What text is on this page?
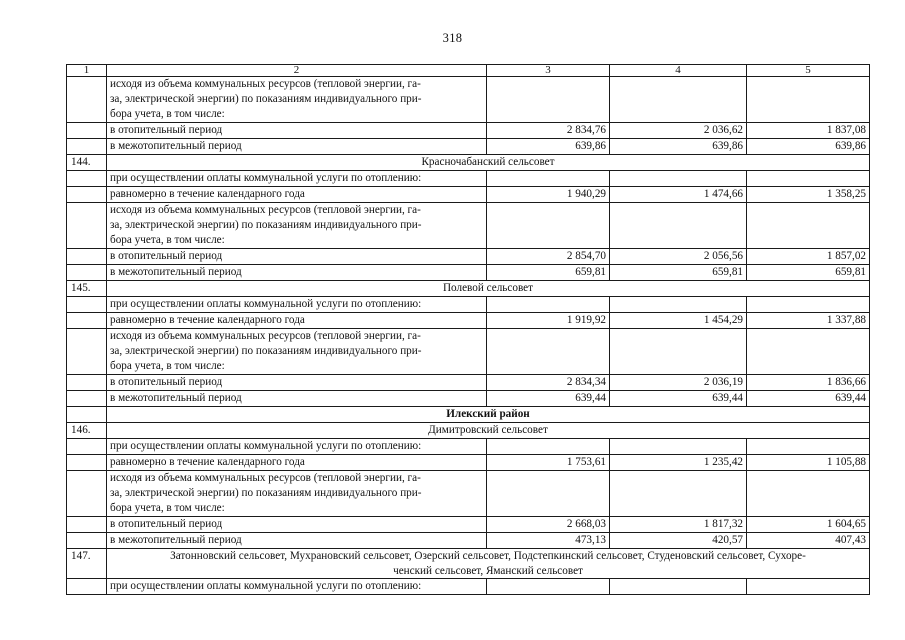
318
1	2	3	4	5

	исходя из объема коммунальных ресурсов (тепловой энергии, га-
за, электрической энергии) по показаниям индивидуального при-
бора учета, в том числе:			

	в отопительный период	2 834,76	2 036,62	1 837,08
	в межотопительный период	639,86	639,86	639,86
144.	Красночабанский сельсовет			
	при осуществлении оплаты коммунальной услуги по отоплению:			
	равномерно в течение календарного года	1 940,29	1 474,66	1 358,25

	исходя из объема коммунальных ресурсов (тепловой энергии, га-
за, электрической энергии) по показаниям индивидуального при-
бора учета, в том числе:			

	в отопительный период	2 854,70	2 056,56	1 857,02
	в межотопительный период	659,81	659,81	659,81
145.	Полевой сельсовет			
	при осуществлении оплаты коммунальной услуги по отоплению:			
	равномерно в течение календарного года	1 919,92	1 454,29	1 337,88

	исходя из объема коммунальных ресурсов (тепловой энергии, га-
за, электрической энергии) по показаниям индивидуального при-
бора учета, в том числе:			

	в отопительный период	2 834,34	2 036,19	1 836,66
	в межотопительный период	639,44	639,44	639,44
	Илекский район			
146.	Димитровский сельсовет			
	при осуществлении оплаты коммунальной услуги по отоплению:			
	равномерно в течение календарного года	1 753,61	1 235,42	1 105,88

	исходя из объема коммунальных ресурсов (тепловой энергии, га-
за, электрической энергии) по показаниям индивидуального при-
бора учета, в том числе:			

	в отопительный период	2 668,03	1 817,32	1 604,65
	в межотопительный период	473,13	420,57	407,43
147.	Затонновский сельсовет, Мухрановский сельсовет, Озерский сельсовет, Подстепкинский сельсовет, Студеновский сельсовет, Сухоре-
ченский сельсовет, Яманский сельсовет			

	при осуществлении оплаты коммунальной услуги по отоплению:			
